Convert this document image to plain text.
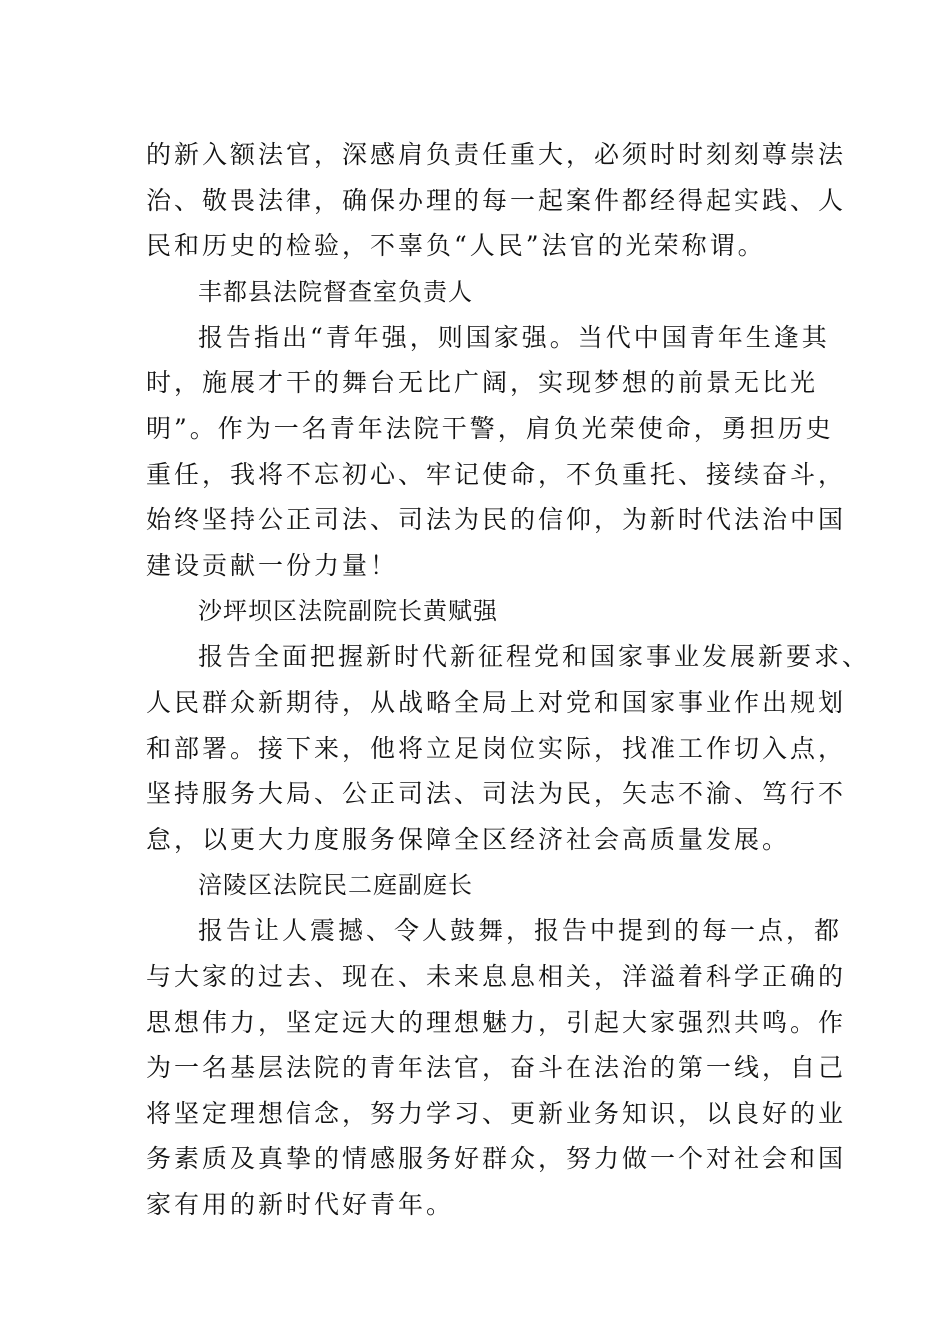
的新入额法官，深感肩负责任重大，必须时时刻刻尊崇法
治、敬畏法律，确保办理的每一起案件都经得起实践、人
民和历史的检验，不辜负“人民”法官的光荣称谓。
丰都县法院督查室负责人
报告指出“青年强，则国家强。当代中国青年生逢其
时，施展才干的舞台无比广阔，实现梦想的前景无比光
明”。作为一名青年法院干警，肩负光荣使命，勇担历史
重任，我将不忘初心、牢记使命，不负重托、接续奋斗，
始终坚持公正司法、司法为民的信仰，为新时代法治中国
建设贡献一份力量！
沙坪坝区法院副院长黄赋强
报告全面把握新时代新征程党和国家事业发展新要求、
人民群众新期待，从战略全局上对党和国家事业作出规划
和部署。接下来，他将立足岗位实际，找准工作切入点，
坚持服务大局、公正司法、司法为民，矢志不渝、笃行不
怠，以更大力度服务保障全区经济社会高质量发展。
涪陵区法院民二庭副庭长
报告让人震撼、令人鼓舞，报告中提到的每一点，都
与大家的过去、现在、未来息息相关，洋溢着科学正确的
思想伟力，坚定远大的理想魅力，引起大家强烈共鸣。作
为一名基层法院的青年法官，奋斗在法治的第一线，自己
将坚定理想信念，努力学习、更新业务知识，以良好的业
务素质及真挚的情感服务好群众，努力做一个对社会和国
家有用的新时代好青年。
